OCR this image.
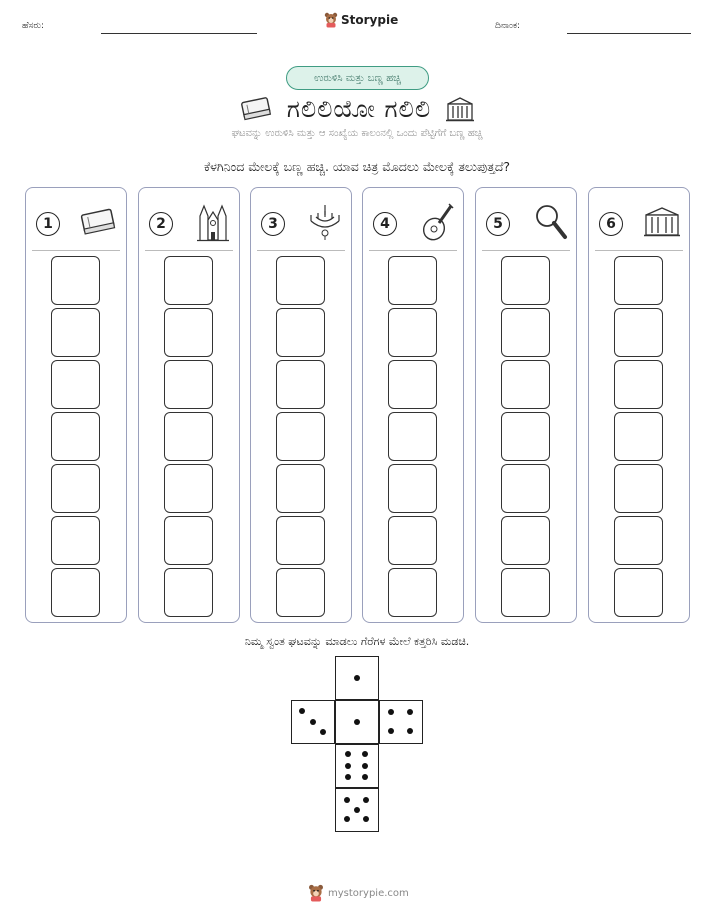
ಹೆಸರು:	Storypie	ದಿನಾಂಕ:
ಉರುಳಿಸಿ ಮತ್ತು ಬಣ್ಣ ಹಚ್ಚಿ
ಗಲಿಲಿಯೋ ಗಲಿಲಿ
ಘಟವನ್ನು ಉರುಳಿಸಿ ಮತ್ತು ಆ ಸಂಖ್ಯೆಯ ಕಾಲಂನಲ್ಲಿ ಒಂದು ಪೆಟ್ಟಿಗೆಗೆ ಬಣ್ಣ ಹಚ್ಚಿ
ಕೆಳಗಿನಿಂದ ಮೇಲಕ್ಕೆ ಬಣ್ಣ ಹಚ್ಚಿ. ಯಾವ ಚಿತ್ರ ಮೊದಲು ಮೇಲಕ್ಕೆ ತಲುಪುತ್ತದೆ?
1	2	3	4	5	6
ನಿಮ್ಮ ಸ್ವಂತ ಘಟವನ್ನು ಮಾಡಲು ಗೆರೆಗಳ ಮೇಲೆ ಕತ್ತರಿಸಿ ಮಡಚಿ.
mystorypie.com
